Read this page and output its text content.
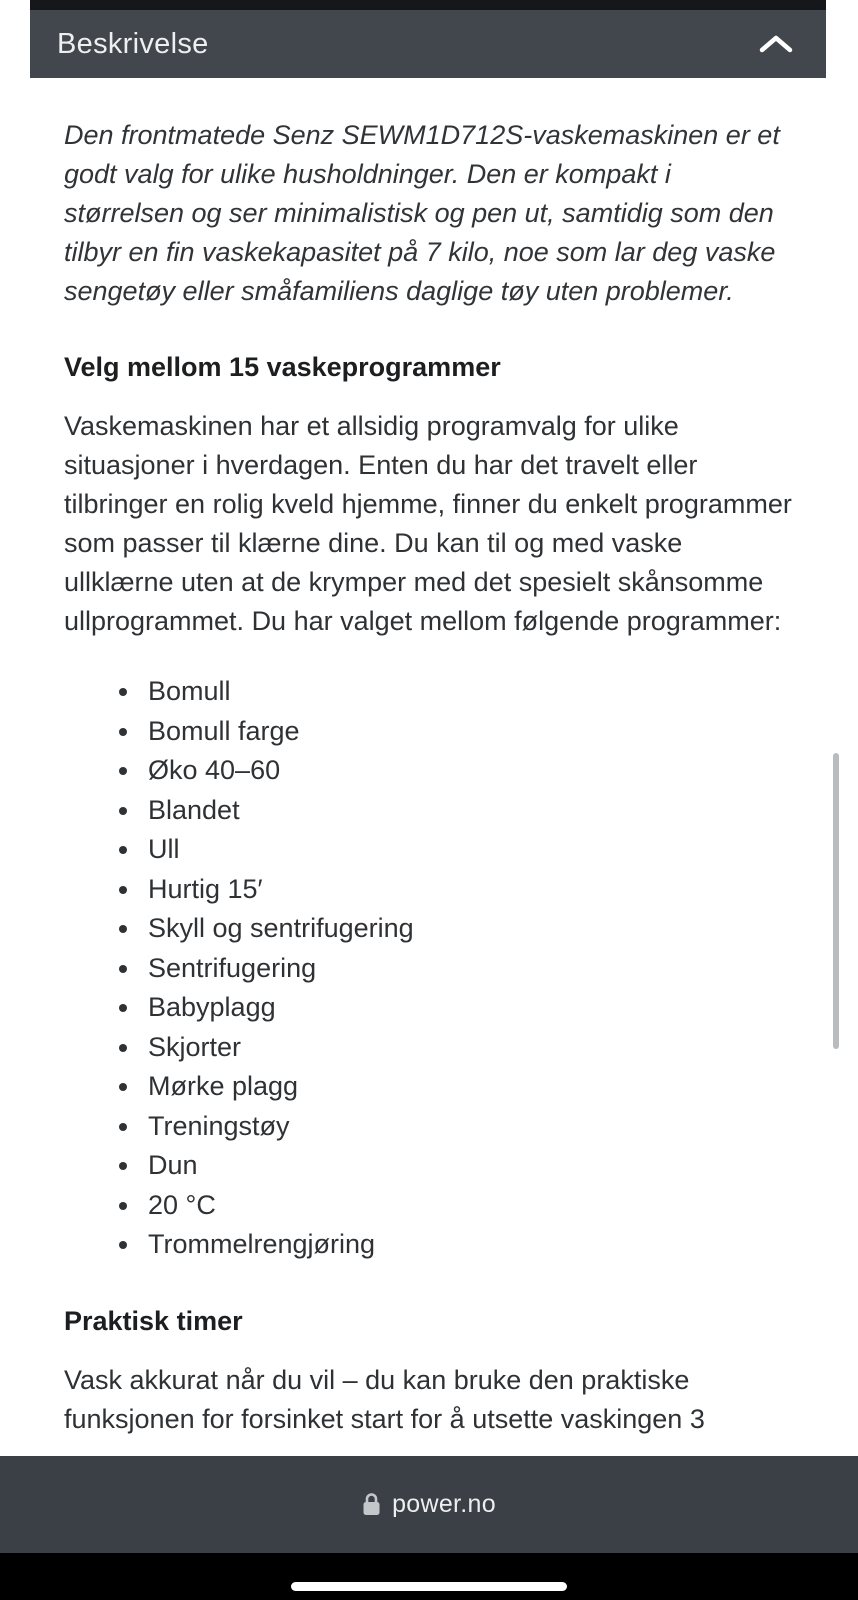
Beskrivelse

Den frontmatede Senz SEWM1D712S-vaskemaskinen er et godt valg for ulike husholdninger. Den er kompakt i størrelsen og ser minimalistisk og pen ut, samtidig som den tilbyr en fin vaskekapasitet på 7 kilo, noe som lar deg vaske sengetøy eller småfamiliens daglige tøy uten problemer.

Velg mellom 15 vaskeprogrammer

Vaskemaskinen har et allsidig programvalg for ulike situasjoner i hverdagen. Enten du har det travelt eller tilbringer en rolig kveld hjemme, finner du enkelt programmer som passer til klærne dine. Du kan til og med vaske ullklærne uten at de krymper med det spesielt skånsomme ullprogrammet. Du har valget mellom følgende programmer:

• Bomull
• Bomull farge
• Øko 40–60
• Blandet
• Ull
• Hurtig 15′
• Skyll og sentrifugering
• Sentrifugering
• Babyplagg
• Skjorter
• Mørke plagg
• Treningstøy
• Dun
• 20 °C
• Trommelrengjøring
Praktisk timer

Vask akkurat når du vil – du kan bruke den praktiske funksjonen for forsinket start for å utsette vaskingen 3

power.no
